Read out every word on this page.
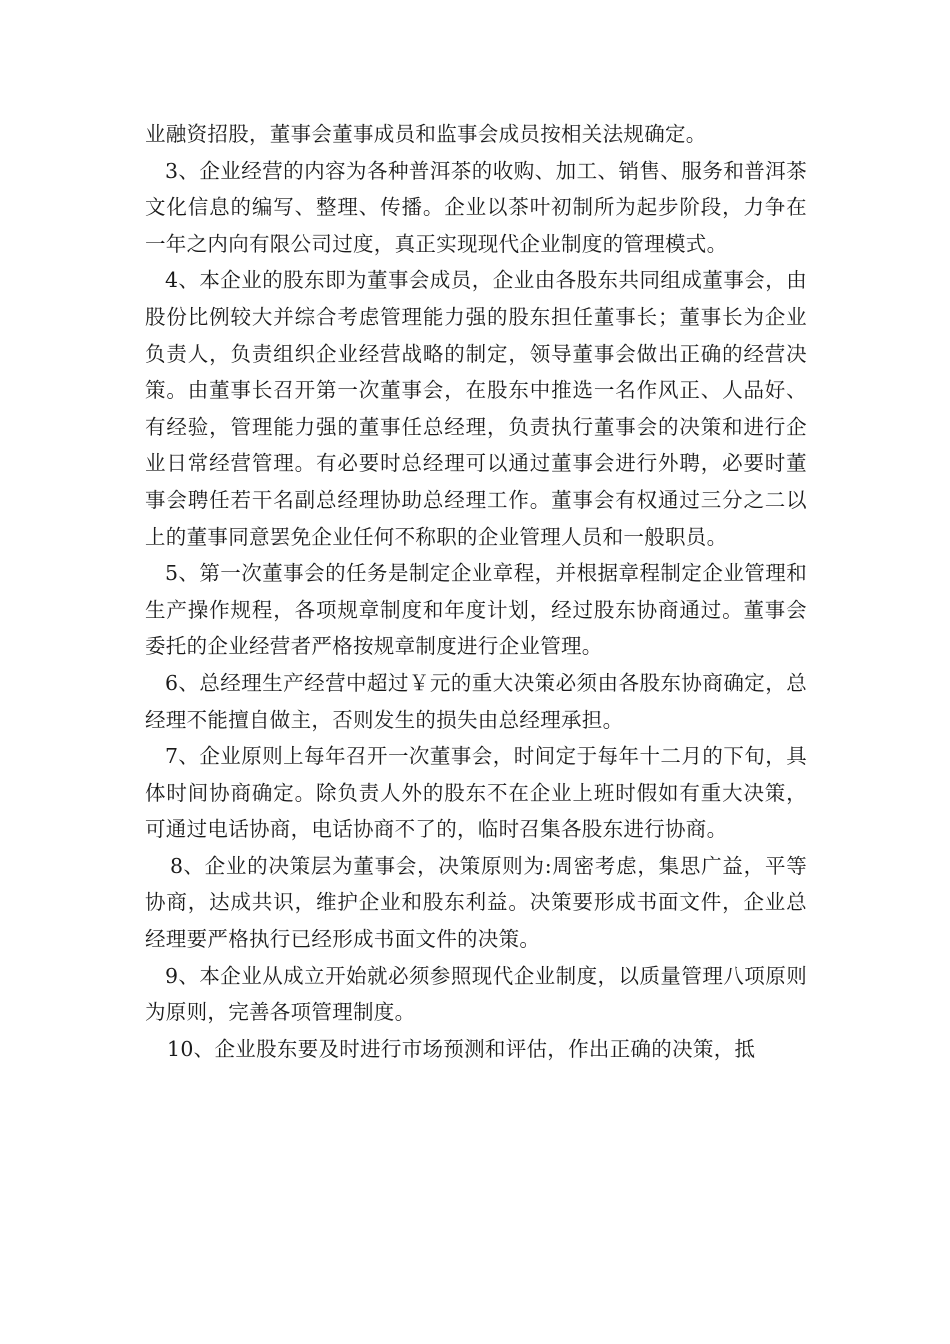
业融资招股，董事会董事成员和监事会成员按相关法规确定。

3、企业经营的内容为各种普洱茶的收购、加工、销售、服务和普洱茶文化信息的编写、整理、传播。企业以茶叶初制所为起步阶段，力争在一年之内向有限公司过度，真正实现现代企业制度的管理模式。

4、本企业的股东即为董事会成员，企业由各股东共同组成董事会，由股份比例较大并综合考虑管理能力强的股东担任董事长；董事长为企业负责人，负责组织企业经营战略的制定，领导董事会做出正确的经营决策。由董事长召开第一次董事会，在股东中推选一名作风正、人品好、有经验，管理能力强的董事任总经理，负责执行董事会的决策和进行企业日常经营管理。有必要时总经理可以通过董事会进行外聘，必要时董事会聘任若干名副总经理协助总经理工作。董事会有权通过三分之二以上的董事同意罢免企业任何不称职的企业管理人员和一般职员。

5、第一次董事会的任务是制定企业章程，并根据章程制定企业管理和生产操作规程，各项规章制度和年度计划，经过股东协商通过。董事会委托的企业经营者严格按规章制度进行企业管理。

6、总经理生产经营中超过￥元的重大决策必须由各股东协商确定，总经理不能擅自做主，否则发生的损失由总经理承担。

7、企业原则上每年召开一次董事会，时间定于每年十二月的下旬，具体时间协商确定。除负责人外的股东不在企业上班时假如有重大决策，可通过电话协商，电话协商不了的，临时召集各股东进行协商。

8、企业的决策层为董事会，决策原则为:周密考虑，集思广益，平等协商，达成共识，维护企业和股东利益。决策要形成书面文件，企业总经理要严格执行已经形成书面文件的决策。

9、本企业从成立开始就必须参照现代企业制度，以质量管理八项原则为原则，完善各项管理制度。

10、企业股东要及时进行市场预测和评估，作出正确的决策，抵
